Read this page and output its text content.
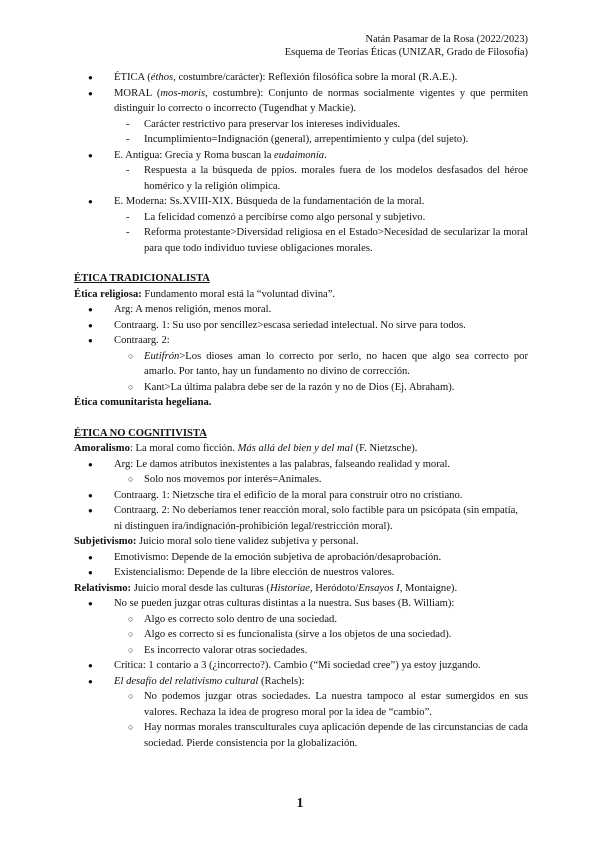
Natán Pasamar de la Rosa (2022/2023)
Esquema de Teorías Éticas (UNIZAR, Grado de Filosofía)
● ÉTICA (éthos, costumbre/carácter): Reflexión filosófica sobre la moral (R.A.E.).
● MORAL (mos-moris, costumbre): Conjunto de normas socialmente vigentes y que permiten distinguir lo correcto o incorrecto (Tugendhat y Mackie).
- Carácter restrictivo para preservar los intereses individuales.
- Incumplimiento=Indignación (general), arrepentimiento y culpa (del sujeto).
● E. Antigua: Grecia y Roma buscan la eudaimonía.
- Respuesta a la búsqueda de ppios. morales fuera de los modelos desfasados del héroe homérico y la religión olímpica.
● E. Moderna: Ss.XVIII-XIX. Búsqueda de la fundamentación de la moral.
- La felicidad comenzó a percibirse como algo personal y subjetivo.
- Reforma protestante>Diversidad religiosa en el Estado>Necesidad de secularizar la moral para que todo individuo tuviese obligaciones morales.
ÉTICA TRADICIONALISTA
Ética religiosa: Fundamento moral está la “voluntad divina”.
● Arg: A menos religión, menos moral.
● Contraarg. 1: Su uso por sencillez>escasa seriedad intelectual. No sirve para todos.
● Contraarg. 2:
○ Eutifrón>Los dioses aman lo correcto por serlo, no hacen que algo sea correcto por amarlo. Por tanto, hay un fundamento no divino de corrección.
○ Kant>La última palabra debe ser de la razón y no de Dios (Ej. Abraham).
Ética comunitarista hegeliana.
ÉTICA NO COGNITIVISTA
Amoralismo: La moral como ficción. Más allá del bien y del mal (F. Nietzsche).
● Arg: Le damos atributos inexistentes a las palabras, falseando realidad y moral.
○ Solo nos movemos por interés=Animales.
● Contraarg. 1: Nietzsche tira el edificio de la moral para construir otro no cristiano.
● Contraarg. 2: No deberíamos tener reacción moral, solo factible para un psicópata (sin empatía, ni distinguen ira/indignación-prohibición legal/restricción moral).
Subjetivismo: Juicio moral solo tiene validez subjetiva y personal.
● Emotivismo: Depende de la emoción subjetiva de aprobación/desaprobación.
● Existencialismo: Depende de la libre elección de nuestros valores.
Relativismo: Juicio moral desde las culturas (Historiae, Heródoto/Ensayos I, Montaigne).
● No se pueden juzgar otras culturas distintas a la nuestra. Sus bases (B. William):
○ Algo es correcto solo dentro de una sociedad.
○ Algo es correcto si es funcionalista (sirve a los objetos de una sociedad).
○ Es incorrecto valorar otras sociedades.
● Crítica: 1 contario a 3 (¿incorrecto?). Cambio (“Mi sociedad cree”) ya estoy juzgando.
● El desafío del relativismo cultural (Rachels):
○ No podemos juzgar otras sociedades. La nuestra tampoco al estar sumergidos en sus valores. Rechaza la idea de progreso moral por la idea de “cambio”.
○ Hay normas morales transculturales cuya aplicación depende de las circunstancias de cada sociedad. Pierde consistencia por la globalización.
1
